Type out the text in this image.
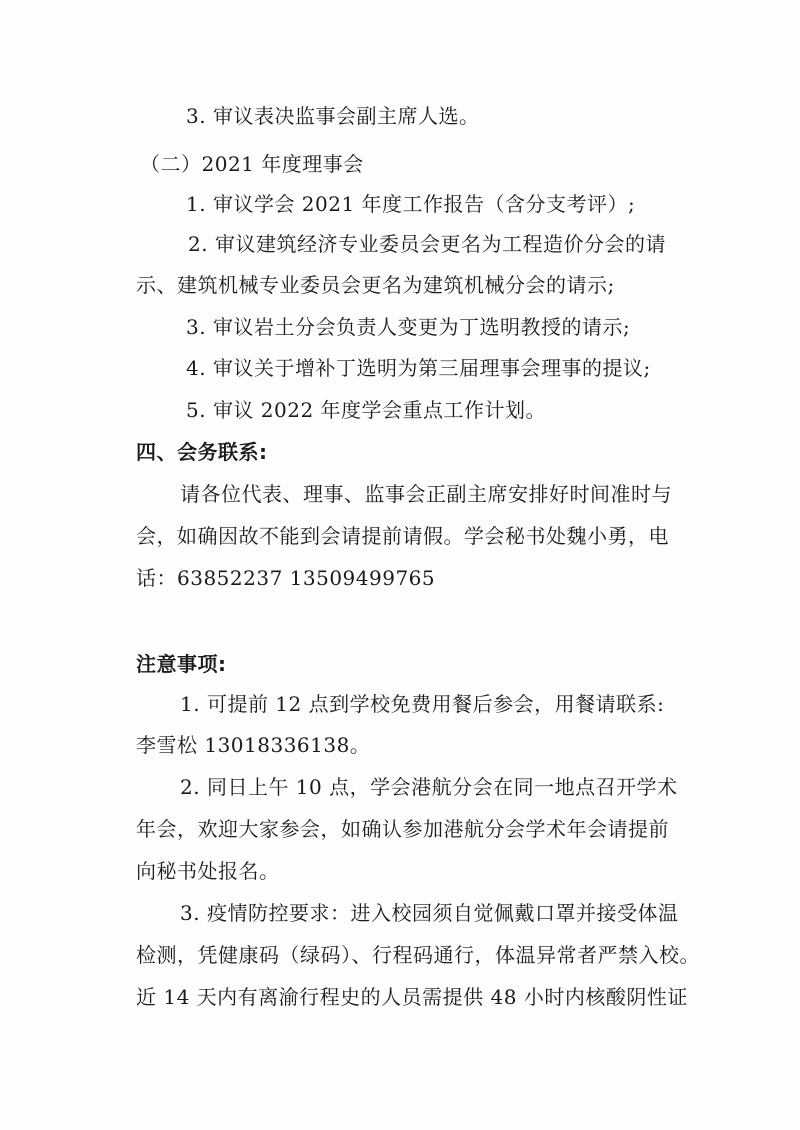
3. 审议表决监事会副主席人选。
（二）2021 年度理事会
1. 审议学会 2021 年度工作报告（含分支考评）;
2. 审议建筑经济专业委员会更名为工程造价分会的请
示、建筑机械专业委员会更名为建筑机械分会的请示;
3. 审议岩土分会负责人变更为丁选明教授的请示;
4. 审议关于增补丁选明为第三届理事会理事的提议;
5. 审议 2022 年度学会重点工作计划。
四、会务联系:
请各位代表、理事、监事会正副主席安排好时间准时与
会，如确因故不能到会请提前请假。学会秘书处魏小勇，电
话：63852237 13509499765
注意事项:
1. 可提前 12 点到学校免费用餐后参会，用餐请联系:
李雪松 13018336138。
2. 同日上午 10 点，学会港航分会在同一地点召开学术
年会，欢迎大家参会，如确认参加港航分会学术年会请提前
向秘书处报名。
3. 疫情防控要求：进入校园须自觉佩戴口罩并接受体温
检测，凭健康码（绿码）、行程码通行，体温异常者严禁入校。
近 14 天内有离渝行程史的人员需提供 48 小时内核酸阴性证
